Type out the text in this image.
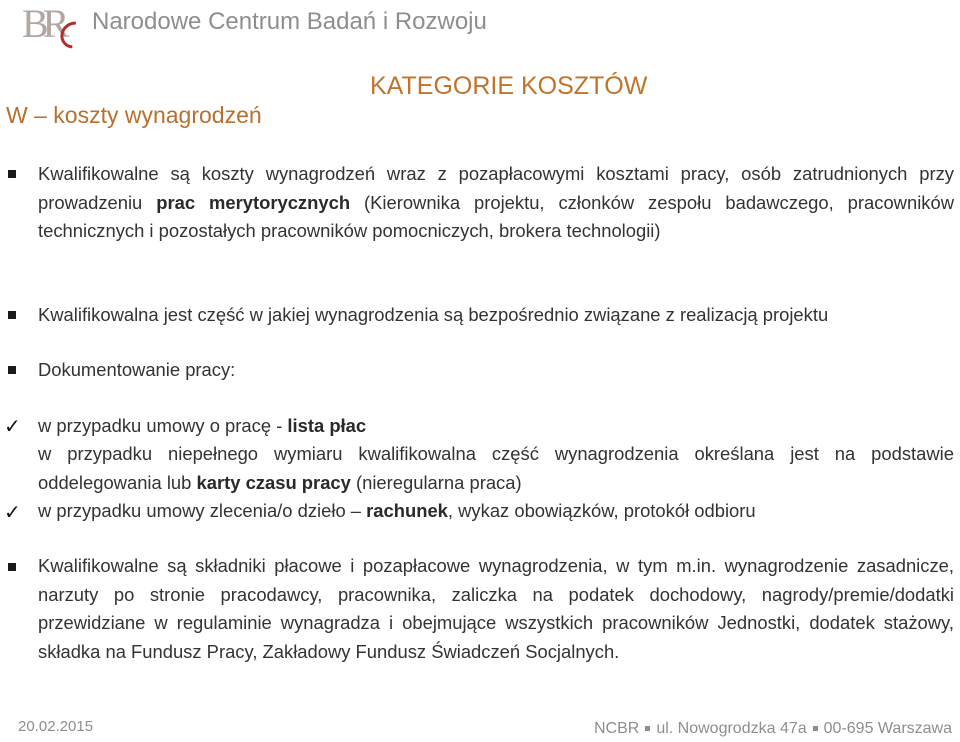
BR Narodowe Centrum Badań i Rozwoju
KATEGORIE KOSZTÓW
W – koszty wynagrodzeń
Kwalifikowalne są koszty wynagrodzeń wraz z pozapłacowymi kosztami pracy, osób zatrudnionych przy prowadzeniu prac merytorycznych (Kierownika projektu, członków zespołu badawczego, pracowników technicznych i pozostałych pracowników pomocniczych, brokera technologii)
Kwalifikowalna jest część w jakiej wynagrodzenia są bezpośrednio związane z realizacją projektu
Dokumentowanie pracy:
✓ w przypadku umowy o pracę - lista płac
w przypadku niepełnego wymiaru kwalifikowalna część wynagrodzenia określana jest na podstawie oddelegowania lub karty czasu pracy (nieregularna praca)
✓ w przypadku umowy zlecenia/o dzieło – rachunek, wykaz obowiązków, protokół odbioru
Kwalifikowalne są składniki płacowe i pozapłacowe wynagrodzenia, w tym m.in. wynagrodzenie zasadnicze, narzuty po stronie pracodawcy, pracownika, zaliczka na podatek dochodowy, nagrody/premie/dodatki przewidziane w regulaminie wynagradza i obejmujące wszystkich pracowników Jednostki, dodatek stażowy, składka na Fundusz Pracy, Zakładowy Fundusz Świadczeń Socjalnych.
20.02.2015	NCBR ul. Nowogrodzka 47a 00-695 Warszawa
